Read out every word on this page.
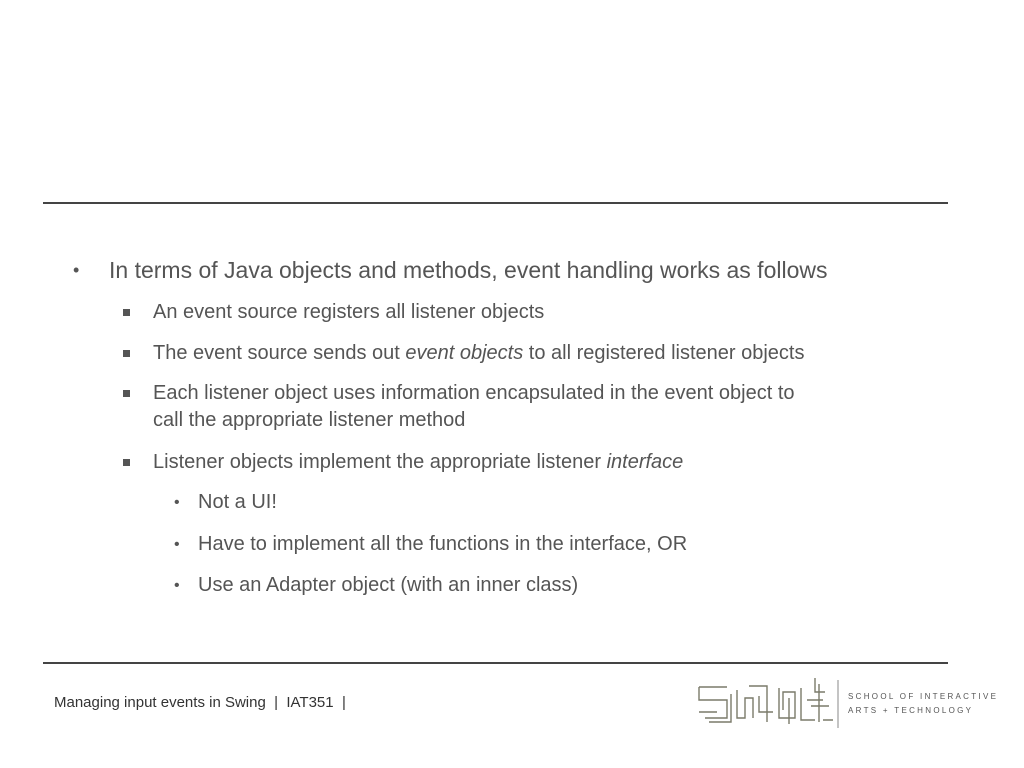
• In terms of Java objects and methods, event handling works as follows
An event source registers all listener objects
The event source sends out event objects to all registered listener objects
Each listener object uses information encapsulated in the event object to
call the appropriate listener method
Listener objects implement the appropriate listener interface
• Not a UI!
• Have to implement all the functions in the interface, OR
• Use an Adapter object (with an inner class)
Managing input events in Swing  |  IAT351  |	SCHOOL OF INTERACTIVE
ARTS + TECHNOLOGY
